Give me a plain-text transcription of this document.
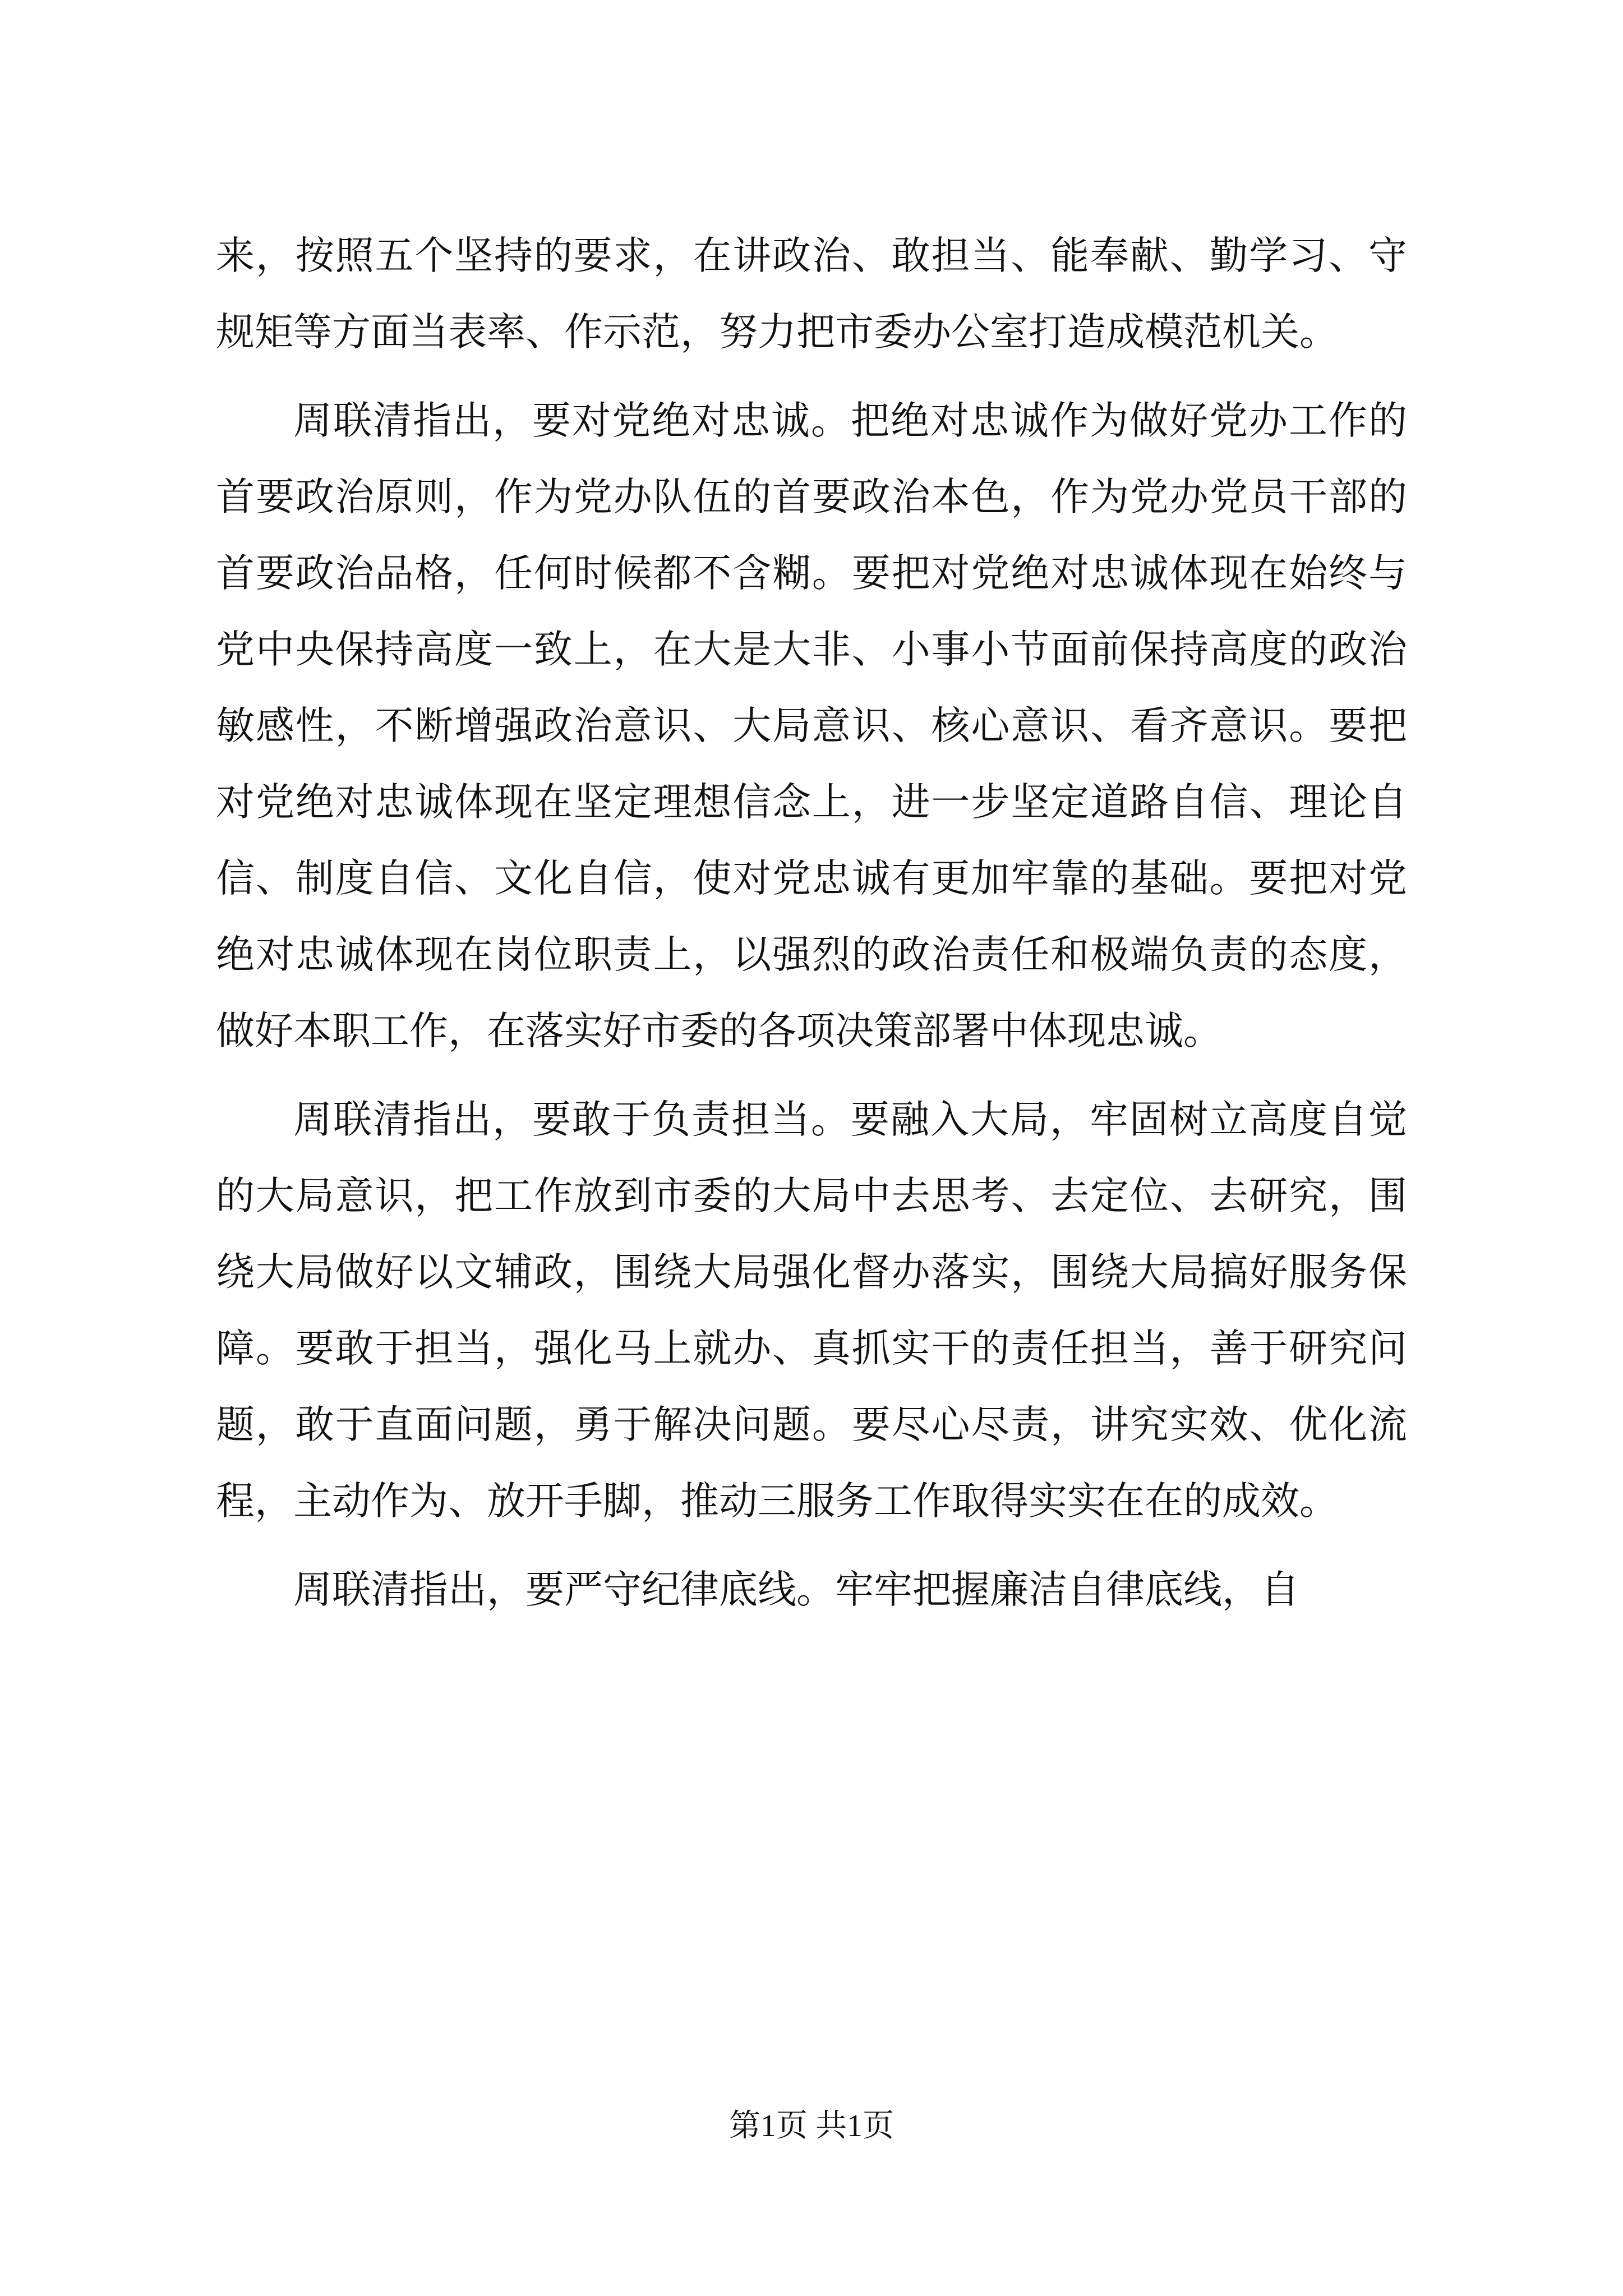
来，按照五个坚持的要求，在讲政治、敢担当、能奉献、勤学习、守规矩等方面当表率、作示范，努力把市委办公室打造成模范机关。

周联清指出，要对党绝对忠诚。把绝对忠诚作为做好党办工作的首要政治原则，作为党办队伍的首要政治本色，作为党办党员干部的首要政治品格，任何时候都不含糊。要把对党绝对忠诚体现在始终与党中央保持高度一致上，在大是大非、小事小节面前保持高度的政治敏感性，不断增强政治意识、大局意识、核心意识、看齐意识。要把对党绝对忠诚体现在坚定理想信念上，进一步坚定道路自信、理论自信、制度自信、文化自信，使对党忠诚有更加牢靠的基础。要把对党绝对忠诚体现在岗位职责上，以强烈的政治责任和极端负责的态度，做好本职工作，在落实好市委的各项决策部署中体现忠诚。

周联清指出，要敢于负责担当。要融入大局，牢固树立高度自觉的大局意识，把工作放到市委的大局中去思考、去定位、去研究，围绕大局做好以文辅政，围绕大局强化督办落实，围绕大局搞好服务保障。要敢于担当，强化马上就办、真抓实干的责任担当，善于研究问题，敢于直面问题，勇于解决问题。要尽心尽责，讲究实效、优化流程，主动作为、放开手脚，推动三服务工作取得实实在在的成效。

周联清指出，要严守纪律底线。牢牢把握廉洁自律底线，自

第1页 共1页
